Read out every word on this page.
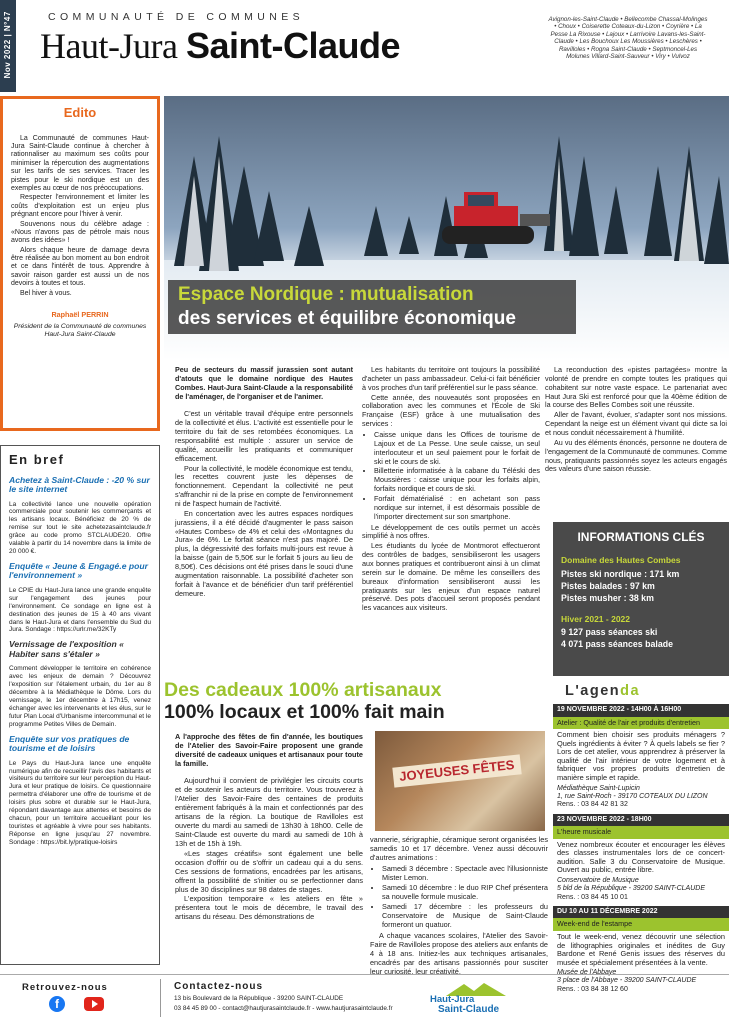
Nov 2022 | N°47	COMMUNAUTÉ DE COMMUNES
Haut-Jura Saint-Claude
Avignon-les-Saint-Claude • Bellecombe Chassal-Molinges • Choux • Coiserette Coteaux-du-Lizon • Coyrière • La Pesse La Rixouse • Lajoux • Larrivoire Lavans-les-Saint-Claude • Les Bouchoux Les Moussières • Leschères • Ravilloles • Rogna Saint-Claude • Septmoncel-Les Molunes Villard-Saint-Sauveur • Viry • Vulvoz
Espace Nordique : mutualisation
des services et équilibre économique
Edito

La Communauté de communes Haut-Jura Saint-Claude continue à chercher à rationnaliser au maximum ses coûts pour minimiser la répercution des augmentations sur les tarifs de ses services. Tracer les pistes pour le ski nordique est un des exemples au cœur de nos préoccupations.

Respecter l'environnement et limiter les coûts d'exploitation est un enjeu plus prégnant encore pour l'hiver à venir.

Souvenons nous du célèbre adage : «Nous n'avons pas de pétrole mais nous avons des idées» !

Alors chaque heure de damage devra être réalisée au bon moment au bon endroit et ce dans l'intérêt de tous. Apprendre à savoir raison garder est aussi un de nos devoirs à toutes et tous.

Bel hiver à vous.

Raphaël PERRIN
Président de la Communauté de communes Haut-Jura Saint-Claude
En bref
Achetez à Saint-Claude : -20 % sur le site internet

La collectivité lance une nouvelle opération commerciale pour soutenir les commerçants et les artisans locaux. Bénéficiez de 20 % de remise sur tout le site achetezasaintclaude.fr grâce au code promo STCLAUDE20. Offre valable à partir du 14 novembre dans la limite de 20 000 €.

Enquête « Jeune & Engagé.e pour l'environnement »

Le CPIE du Haut-Jura lance une grande enquête sur l'engagement des jeunes pour l'environnement. Ce sondage en ligne est à destination des jeunes de 15 à 40 ans vivant dans le Haut-Jura et dans l'ensemble du Sud du Jura. Sondage : https://urlr.me/32KTy

Vernissage de l'exposition « Habiter sans s'étaler »

Comment développer le territoire en cohérence avec les enjeux de demain ? Découvrez l'exposition sur l'étalement urbain, du 1er au 8 décembre à la Médiathèque le Dôme. Lors du vernissage, le 1er décembre à 17h15, venez échanger avec les intervenants et les élus, sur le futur Plan Local d'Urbanisme intercommunal et le programme Petites Villes de Demain.

Enquête sur vos pratiques de tourisme et de loisirs

Le Pays du Haut-Jura lance une enquête numérique afin de recueillir l'avis des habitants et visiteurs du territoire sur leur perception du Haut-Jura et leur pratique de loisirs. Ce questionnaire permettra d'élaborer une offre de tourisme et de loisirs plus sobre et durable sur le Haut-Jura, répondant davantage aux attentes et besoins de chacun, pour un territoire accueillant pour les touristes et agréable à vivre pour ses habitants. Réponse en ligne jusqu'au 27 novembre. Sondage : https://bit.ly/pratique-loisirs

Peu de secteurs du massif jurassien sont autant d'atouts que le domaine nordique des Hautes Combes. Haut-Jura Saint-Claude a la responsabilité de l'aménager, de l'organiser et de l'animer.

C'est un véritable travail d'équipe entre personnels de la collectivité et élus. L'activité est essentielle pour le territoire du fait de ses retombées économiques. La responsabilité est multiple : assurer un service de qualité, accueillir les pratiquants et communiquer efficacement.

Pour la collectivité, le modèle économique est tendu, les recettes couvrent juste les dépenses de fonctionnement. Cependant la collectivité ne peut s'affranchir ni de la prise en compte de l'environnement ni de l'aspect humain de l'activité.

En concertation avec les autres espaces nordiques jurassiens, il a été décidé d'augmenter le pass saison «Hautes Combes» de 4% et celui des «Montagnes du Jura» de 6%. Le forfait séance n'est pas majoré. De plus, la dégressivité des forfaits multi-jours est revue à la baisse (gain de 5,50€ sur le forfait 5 jours au lieu de 8,50€). Ces décisions ont été prises dans le souci d'une augmentation raisonnable. La possibilité d'acheter son forfait à l'avance et de bénéficier d'un tarif préférentiel demeure.

Les habitants du territoire ont toujours la possibilité d'acheter un pass ambassadeur. Celui-ci fait bénéficier à vos proches d'un tarif préférentiel sur le pass séance.

Cette année, des nouveautés sont proposées en collaboration avec les communes et l'École de Ski Française (ESF) grâce à une mutualisation des services :

• Caisse unique dans les Offices de tourisme de Lajoux et de La Pesse. Une seule caisse, un seul interlocuteur et un seul paiement pour le forfait de ski et le cours de ski.
• Billetterie informatisée à la cabane du Téléski des Moussières : caisse unique pour les forfaits alpin, forfaits nordique et cours de ski.
• Forfait dématérialisé : en achetant son pass nordique sur internet, il est désormais possible de l'importer directement sur son smartphone.

Le développement de ces outils permet un accès simplifié à nos offres.

Les étudiants du lycée de Montmorot effectueront des contrôles de badges, sensibiliseront les usagers aux bonnes pratiques et contribueront ainsi à un climat serein sur le domaine. De même les conseillers des bureaux d'information sensibiliseront aussi les pratiquants sur les enjeux d'un espace naturel préservé. Des pots d'accueil seront proposés pendant les vacances aux visiteurs.

La reconduction des «pistes partagées» montre la volonté de prendre en compte toutes les pratiques qui cohabitent sur notre vaste espace. Le partenariat avec Haut Jura Ski est renforcé pour que la 40ème édition de la course des Belles Combes soit une réussite.

Aller de l'avant, évoluer, s'adapter sont nos missions. Cependant la neige est un élément vivant qui dicte sa loi et nous conduit nécessairement à l'humilité.

Au vu des éléments énoncés, personne ne doutera de l'engagement de la Communauté de communes. Comme nous, pratiquants passionnés soyez les acteurs engagés des valeurs d'une saison réussie.

INFORMATIONS CLÉS
Domaine des Hautes Combes
Pistes ski nordique : 171 km
Pistes balades : 97 km
Pistes musher : 38 km
Hiver 2021 - 2022
9 127 pass séances ski
4 071 pass séances balade
Des cadeaux 100% artisanaux
100% locaux et 100% fait main

A l'approche des fêtes de fin d'année, les boutiques de l'Atelier des Savoir-Faire proposent une grande diversité de cadeaux uniques et artisanaux pour toute la famille.

Aujourd'hui il convient de privilégier les circuits courts et de soutenir les acteurs du territoire. Vous trouverez à l'Atelier des Savoir-Faire des centaines de produits entièrement fabriqués à la main et confectionnés par des artisans de la région. La boutique de Ravilloles est ouverte du mardi au samedi de 13h30 à 18h00. Celle de Saint-Claude est ouverte du mardi au samedi de 10h à 13h et de 15h à 19h.

«Les stages créatifs» sont également une belle occasion d'offrir ou de s'offrir un cadeau qui a du sens. Ces sessions de formations, encadrées par les artisans, offrent la possibilité de s'initier ou se perfectionner dans plus de 30 disciplines sur 98 dates de stages.

L'exposition temporaire « les ateliers en fête » présentera tout le mois de décembre, le travail des artisans du réseau. Des démonstrations de

JOYEUSES FÊTES

vannerie, sérigraphie, céramique seront organisées les samedis 10 et 17 décembre. Venez aussi découvrir d'autres animations :

• Samedi 3 décembre : Spectacle avec l'illusionniste Mister Lemon.
• Samedi 10 décembre : le duo RIP Chef présentera sa nouvelle formule musicale.
• Samedi 17 décembre : les professeurs du Conservatoire de Musique de Saint-Claude formeront un quatuor.

A chaque vacances scolaires, l'Atelier des Savoir-Faire de Ravilloles propose des ateliers aux enfants de 4 à 18 ans. Initiez-les aux techniques artisanales, encadrés par des artisans passionnés pour susciter leur curiosité, leur créativité.

L'agenda
19 NOVEMBRE 2022 - 14H00 À 16H00
Atelier : Qualité de l'air et produits d'entretien
Comment bien choisir ses produits ménagers ? Quels ingrédients à éviter ? À quels labels se fier ? Lors de cet atelier, vous apprendrez à préserver la qualité de l'air intérieur de votre logement et à fabriquer vos propres produits d'entretien de manière simple et rapide.
Médiathèque Saint-Lupicin
1, rue Saint-Roch - 39170 COTEAUX DU LIZON
Rens. : 03 84 42 81 32
23 NOVEMBRE 2022 - 18H00
L'heure musicale
Venez nombreux écouter et encourager les élèves des classes instrumentales lors de ce concert-audition. Salle 3 du Conservatoire de Musique. Ouvert au public, entrée libre.
Conservatoire de Musique
5 bld de la République - 39200 SAINT-CLAUDE
Rens. : 03 84 45 10 01
DU 10 AU 11 DÉCEMBRE 2022
Week-end de l'estampe
Tout le week-end, venez découvrir une sélection de lithographies originales et inédites de Guy Bardone et René Genis issues des réserves du musée et spécialement présentées à la vente.
Musée de l'Abbaye
3 place de l'Abbaye - 39200 SAINT-CLAUDE
Rens. : 03 84 38 12 60
Retrouvez-nous
f
Contactez-nous
13 bis Boulevard de la République - 39200 SAINT-CLAUDE
03 84 45 89 00 - contact@hautjurasaintclaude.fr - www.hautjurasaintclaude.fr
Haut-Jura
Saint-Claude
